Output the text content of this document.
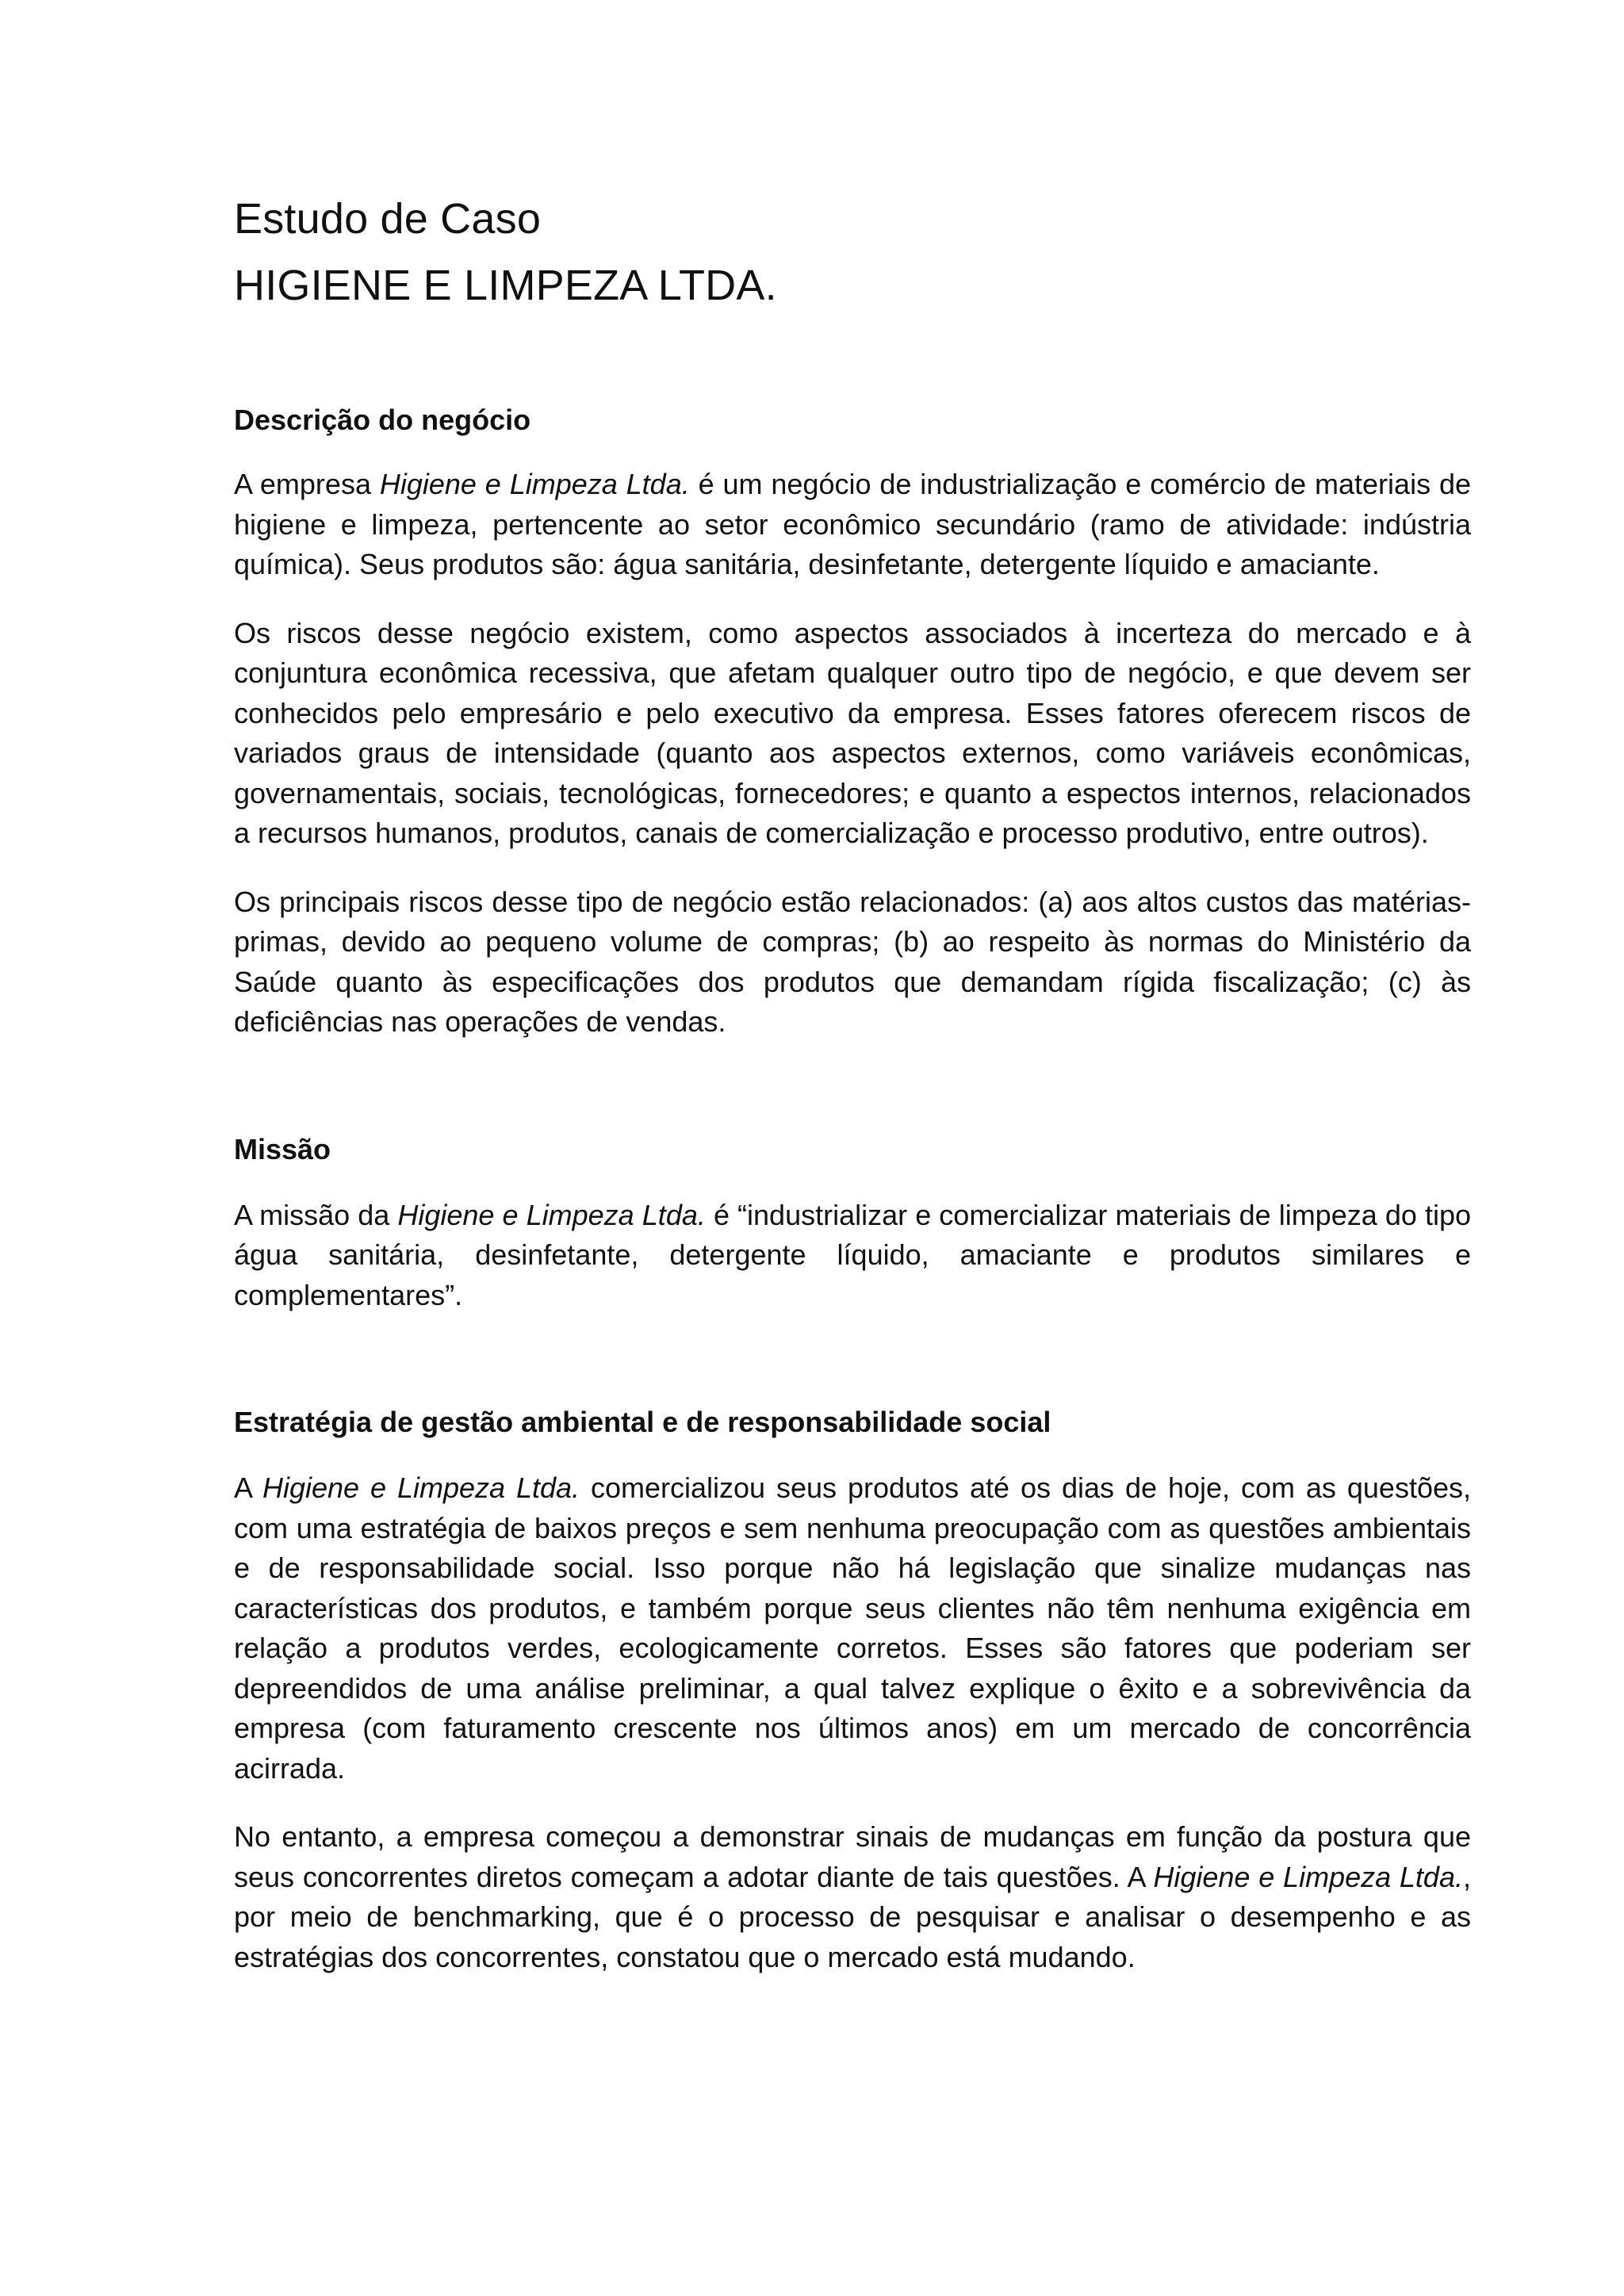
Estudo de Caso
HIGIENE E LIMPEZA LTDA.
Descrição do negócio

A empresa Higiene e Limpeza Ltda. é um negócio de industrialização e comércio de materiais de higiene e limpeza, pertencente ao setor econômico secundário (ramo de atividade: indústria química). Seus produtos são: água sanitária, desinfetante, detergente líquido e amaciante.

Os riscos desse negócio existem, como aspectos associados à incerteza do mercado e à conjuntura econômica recessiva, que afetam qualquer outro tipo de negócio, e que devem ser conhecidos pelo empresário e pelo executivo da empresa. Esses fatores oferecem riscos de variados graus de intensidade (quanto aos aspectos externos, como variáveis econômicas, governamentais, sociais, tecnológicas, fornecedores; e quanto a espectos internos, relacionados a recursos humanos, produtos, canais de comercialização e processo produtivo, entre outros).

Os principais riscos desse tipo de negócio estão relacionados: (a) aos altos custos das matérias-primas, devido ao pequeno volume de compras; (b) ao respeito às normas do Ministério da Saúde quanto às especificações dos produtos que demandam rígida fiscalização; (c) às deficiências nas operações de vendas.

Missão

A missão da Higiene e Limpeza Ltda. é “industrializar e comercializar materiais de limpeza do tipo água sanitária, desinfetante, detergente líquido, amaciante e produtos similares e complementares”.

Estratégia de gestão ambiental e de responsabilidade social

A Higiene e Limpeza Ltda. comercializou seus produtos até os dias de hoje, com as questões, com uma estratégia de baixos preços e sem nenhuma preocupação com as questões ambientais e de responsabilidade social. Isso porque não há legislação que sinalize mudanças nas características dos produtos, e também porque seus clientes não têm nenhuma exigência em relação a produtos verdes, ecologicamente corretos. Esses são fatores que poderiam ser depreendidos de uma análise preliminar, a qual talvez explique o êxito e a sobrevivência da empresa (com faturamento crescente nos últimos anos) em um mercado de concorrência acirrada.

No entanto, a empresa começou a demonstrar sinais de mudanças em função da postura que seus concorrentes diretos começam a adotar diante de tais questões. A Higiene e Limpeza Ltda., por meio de benchmarking, que é o processo de pesquisar e analisar o desempenho e as estratégias dos concorrentes, constatou que o mercado está mudando.
